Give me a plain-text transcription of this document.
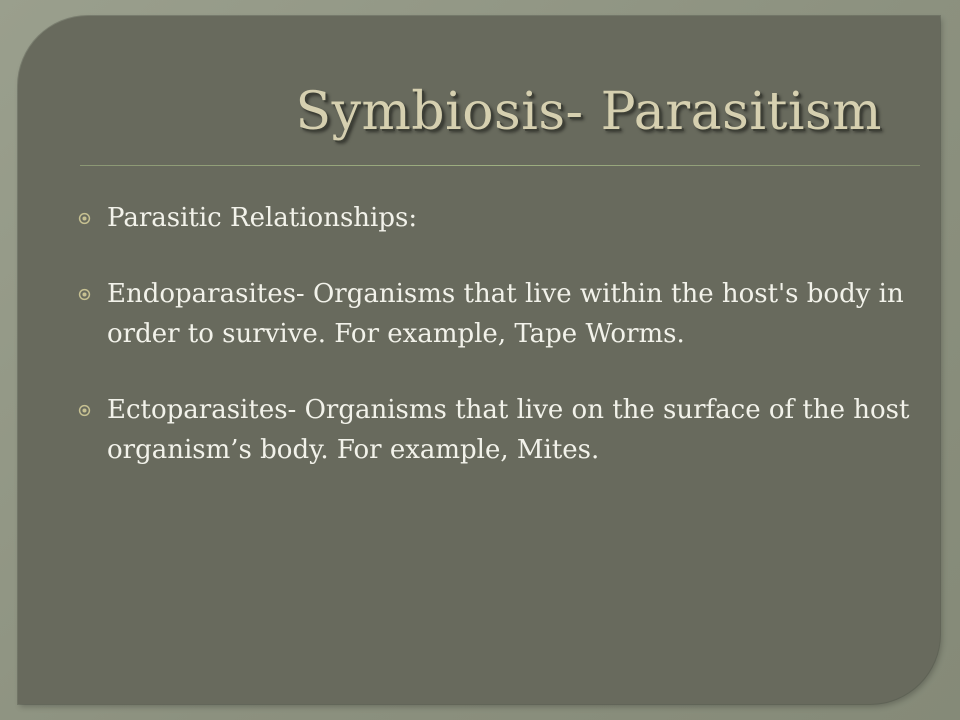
Symbiosis- Parasitism
Parasitic Relationships:
Endoparasites- Organisms that live within the host's body in order to survive. For example, Tape Worms.
Ectoparasites- Organisms that live on the surface of the host organism’s body. For example, Mites.
